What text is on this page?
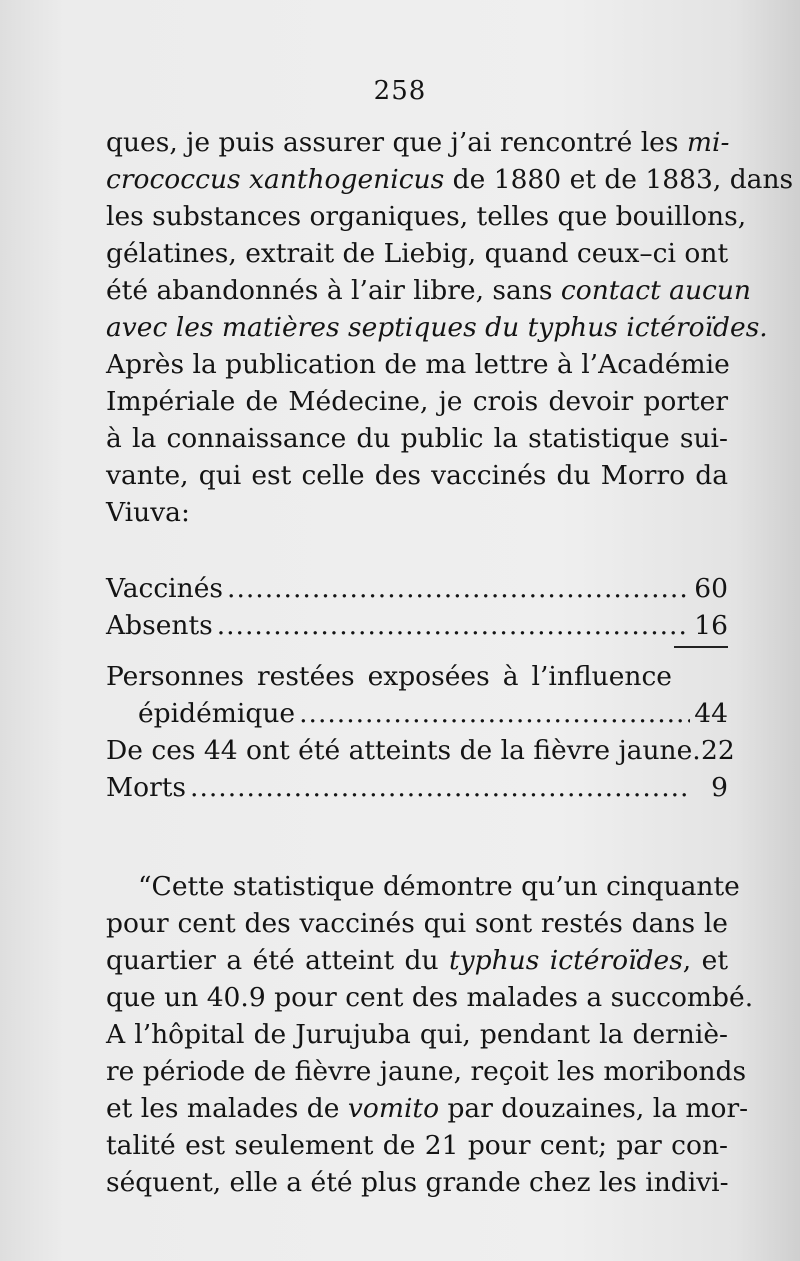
258
ques, je puis assurer que j’ai rencontré les mi-
crococcus xanthogenicus de 1880 et de 1883, dans
les substances organiques, telles que bouillons,
gélatines, extrait de Liebig, quand ceux–ci ont
été abandonnés à l’air libre, sans contact aucun
avec les matières septiques du typhus ictéroïdes.
Après la publication de ma lettre à l’Académie
Impériale de Médecine, je crois devoir porter
à la connaissance du public la statistique sui-
vante, qui est celle des vaccinés du Morro da
Viuva:
Vaccinés .....	60
Absents .....	16
Personnes restées exposées à l’influence
épidémique .....	44
De ces 44 ont été atteints de la fièvre jaune. 22
Morts .....	9
“Cette statistique démontre qu’un cinquante
pour cent des vaccinés qui sont restés dans le
quartier a été atteint du typhus ictéroïdes, et
que un 40.9 pour cent des malades a succombé.
A l’hôpital de Jurujuba qui, pendant la derniè-
re période de fièvre jaune, reçoit les moribonds
et les malades de vomito par douzaines, la mor-
talité est seulement de 21 pour cent; par con-
séquent, elle a été plus grande chez les indivi-
